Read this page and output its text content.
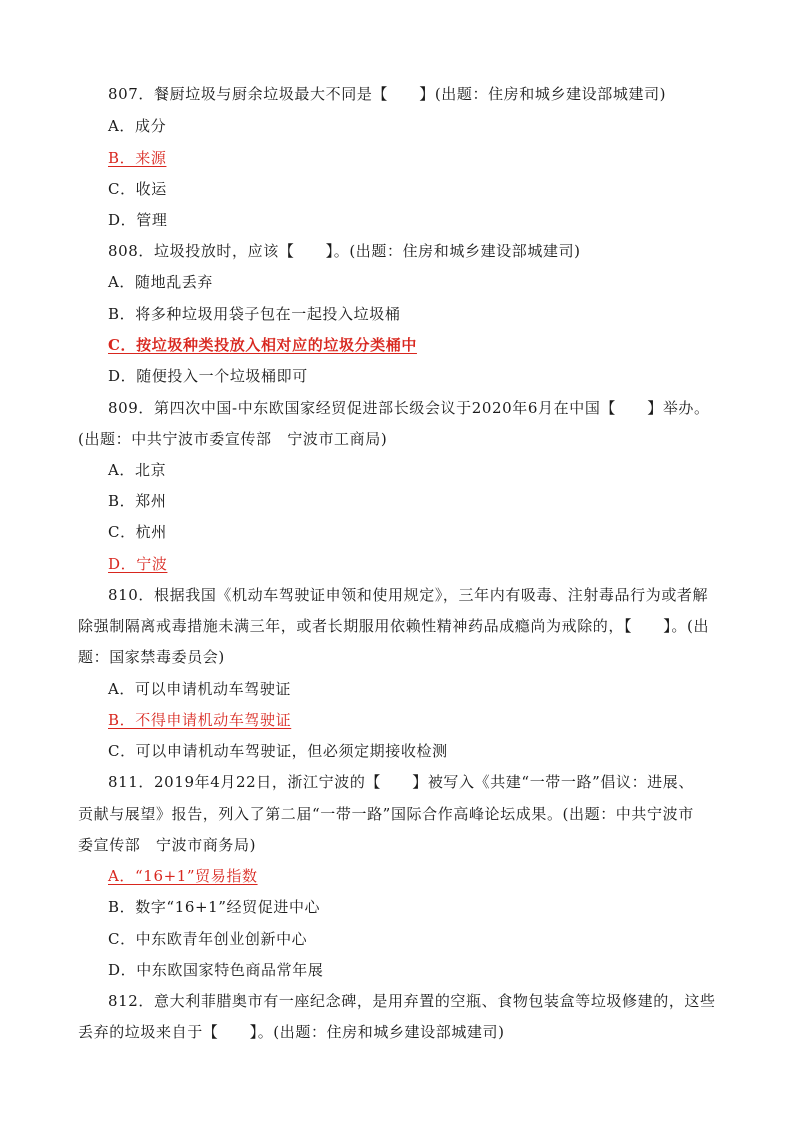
807．餐厨垃圾与厨余垃圾最大不同是【　　】(出题：住房和城乡建设部城建司)
A．成分
B．来源
C．收运
D．管理
808．垃圾投放时，应该【　　】。(出题：住房和城乡建设部城建司)
A．随地乱丢弃
B．将多种垃圾用袋子包在一起投入垃圾桶
C．按垃圾种类投放入相对应的垃圾分类桶中
D．随便投入一个垃圾桶即可
809．第四次中国-中东欧国家经贸促进部长级会议于2020年6月在中国【　　】举办。
(出题：中共宁波市委宣传部　宁波市工商局)
A．北京
B．郑州
C．杭州
D．宁波
810．根据我国《机动车驾驶证申领和使用规定》，三年内有吸毒、注射毒品行为或者解
除强制隔离戒毒措施未满三年，或者长期服用依赖性精神药品成瘾尚为戒除的，【　　】。(出
题：国家禁毒委员会)
A．可以申请机动车驾驶证
B．不得申请机动车驾驶证
C．可以申请机动车驾驶证，但必须定期接收检测
811．2019年4月22日，浙江宁波的【　　】被写入《共建“一带一路”倡议：进展、
贡献与展望》报告，列入了第二届“一带一路”国际合作高峰论坛成果。(出题：中共宁波市
委宣传部　宁波市商务局)
A．“16+1”贸易指数
B．数字“16+1”经贸促进中心
C．中东欧青年创业创新中心
D．中东欧国家特色商品常年展
812．意大利菲腊奥市有一座纪念碑，是用弃置的空瓶、食物包装盒等垃圾修建的，这些
丢弃的垃圾来自于【　　】。(出题：住房和城乡建设部城建司)
